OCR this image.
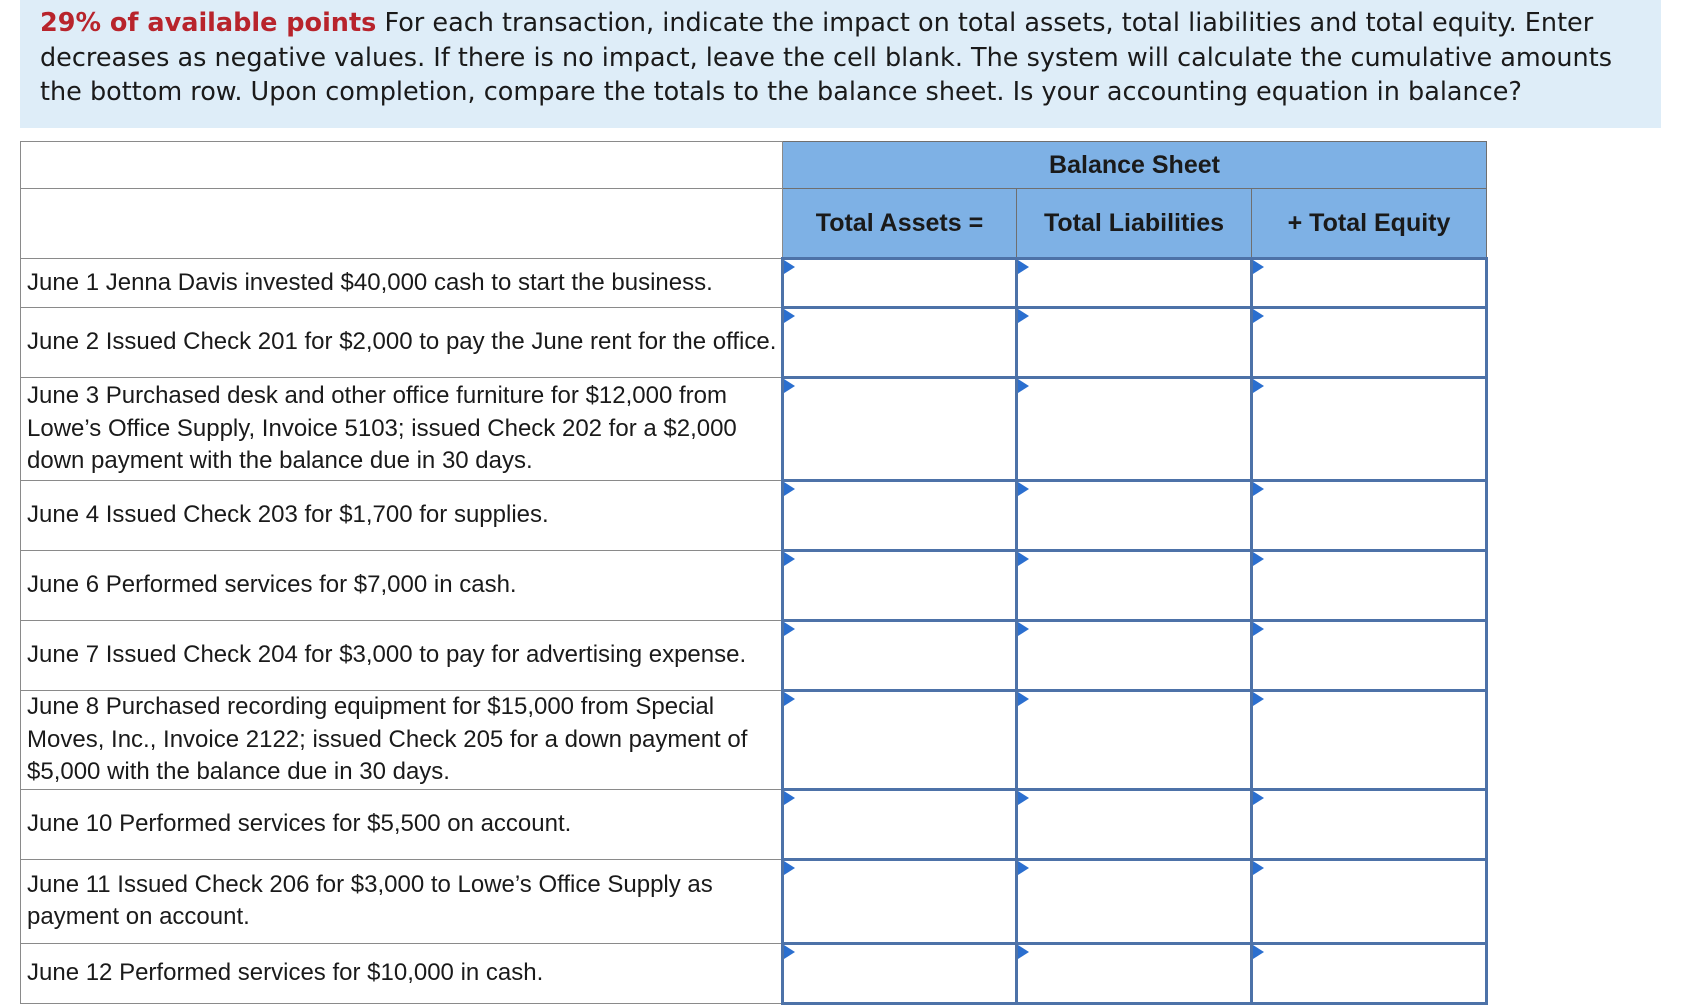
29% of available points For each transaction, indicate the impact on total assets, total liabilities and total equity. Enter decreases as negative values. If there is no impact, leave the cell blank. The system will calculate the cumulative amounts the bottom row. Upon completion, compare the totals to the balance sheet. Is your accounting equation in balance?
	Balance Sheet		
	Total Assets =	Total Liabilities	+ Total Equity
June 1 Jenna Davis invested $40,000 cash to start the business.	

June 2 Issued Check 201 for $2,000 to pay the June rent for the office.	

June 3 Purchased desk and other office furniture for $12,000 from Lowe’s Office Supply, Invoice 5103; issued Check 202 for a $2,000 down payment with the balance due in 30 days.	

June 4 Issued Check 203 for $1,700 for supplies.	

June 6 Performed services for $7,000 in cash.	

June 7 Issued Check 204 for $3,000 to pay for advertising expense.	

June 8 Purchased recording equipment for $15,000 from Special Moves, Inc., Invoice 2122; issued Check 205 for a down payment of $5,000 with the balance due in 30 days.	

June 10 Performed services for $5,500 on account.	

June 11 Issued Check 206 for $3,000 to Lowe’s Office Supply as payment on account.	

June 12 Performed services for $10,000 in cash.	
